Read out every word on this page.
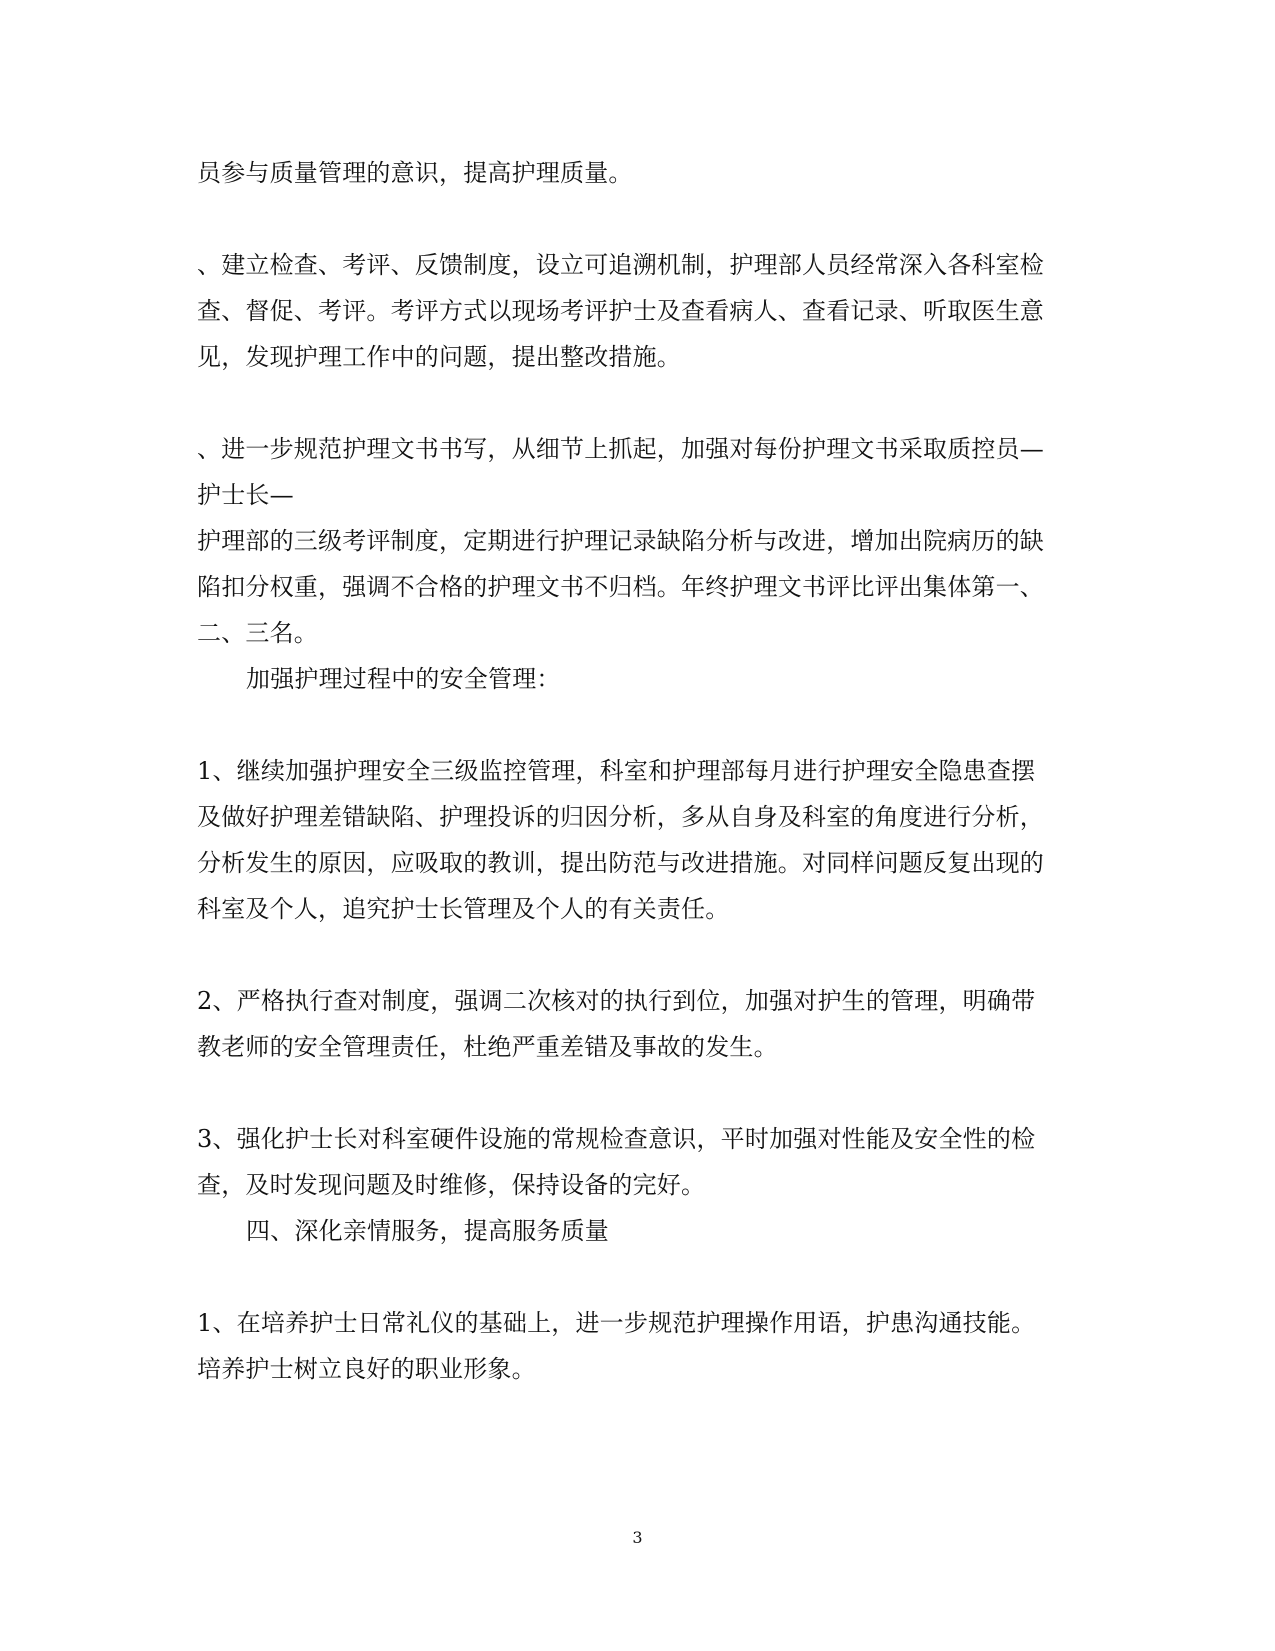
员参与质量管理的意识，提高护理质量。
、建立检查、考评、反馈制度，设立可追溯机制，护理部人员经常深入各科室检
查、督促、考评。考评方式以现场考评护士及查看病人、查看记录、听取医生意
见，发现护理工作中的问题，提出整改措施。
、进一步规范护理文书书写，从细节上抓起，加强对每份护理文书采取质控员—
护士长—
护理部的三级考评制度，定期进行护理记录缺陷分析与改进，增加出院病历的缺
陷扣分权重，强调不合格的护理文书不归档。年终护理文书评比评出集体第一、
二、三名。
加强护理过程中的安全管理：
1、继续加强护理安全三级监控管理，科室和护理部每月进行护理安全隐患查摆
及做好护理差错缺陷、护理投诉的归因分析，多从自身及科室的角度进行分析，
分析发生的原因，应吸取的教训，提出防范与改进措施。对同样问题反复出现的
科室及个人，追究护士长管理及个人的有关责任。
2、严格执行查对制度，强调二次核对的执行到位，加强对护生的管理，明确带
教老师的安全管理责任，杜绝严重差错及事故的发生。
3、强化护士长对科室硬件设施的常规检查意识，平时加强对性能及安全性的检
查，及时发现问题及时维修，保持设备的完好。
四、深化亲情服务，提高服务质量
1、在培养护士日常礼仪的基础上，进一步规范护理操作用语，护患沟通技能。
培养护士树立良好的职业形象。
3
